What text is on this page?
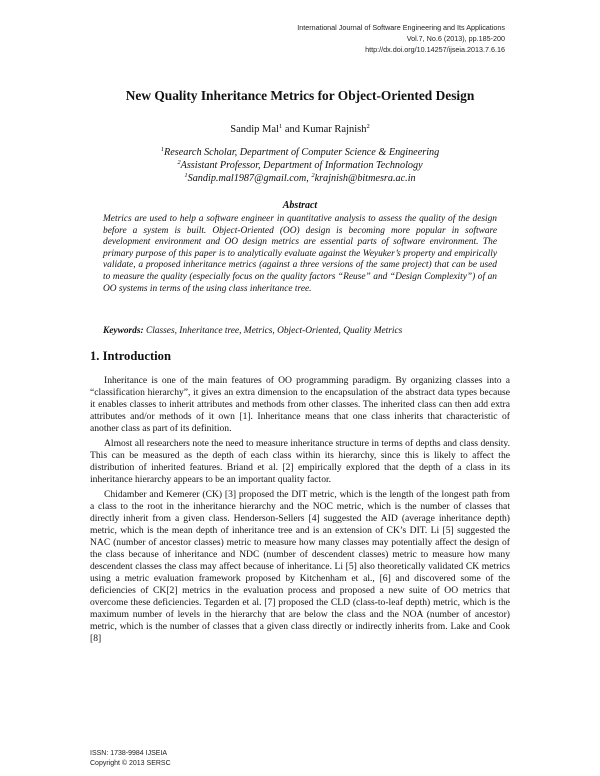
International Journal of Software Engineering and Its Applications
Vol.7, No.6 (2013), pp.185-200
http://dx.doi.org/10.14257/ijseia.2013.7.6.16
New Quality Inheritance Metrics for Object-Oriented Design
Sandip Mal$^1$ and Kumar Rajnish$^2$
$^1$Research Scholar, Department of Computer Science & Engineering
$^2$Assistant Professor, Department of Information Technology
$^1$Sandip.mal1987@gmail.com, $^2$krajnish@bitmesra.ac.in
Abstract
Metrics are used to help a software engineer in quantitative analysis to assess the quality of the design before a system is built. Object-Oriented (OO) design is becoming more popular in software development environment and OO design metrics are essential parts of software environment. The primary purpose of this paper is to analytically evaluate against the Weyuker’s property and empirically validate, a proposed inheritance metrics (against a three versions of the same project) that can be used to measure the quality (especially focus on the quality factors “Reuse” and “Design Complexity”) of an OO systems in terms of the using class inheritance tree.
Keywords: Classes, Inheritance tree, Metrics, Object-Oriented, Quality Metrics
1. Introduction

Inheritance is one of the main features of OO programming paradigm. By organizing classes into a “classification hierarchy”, it gives an extra dimension to the encapsulation of the abstract data types because it enables classes to inherit attributes and methods from other classes. The inherited class can then add extra attributes and/or methods of it own [1]. Inheritance means that one class inherits that characteristic of another class as part of its definition.

Almost all researchers note the need to measure inheritance structure in terms of depths and class density. This can be measured as the depth of each class within its hierarchy, since this is likely to affect the distribution of inherited features. Briand et al. [2] empirically explored that the depth of a class in its inheritance hierarchy appears to be an important quality factor.

Chidamber and Kemerer (CK) [3] proposed the DIT metric, which is the length of the longest path from a class to the root in the inheritance hierarchy and the NOC metric, which is the number of classes that directly inherit from a given class. Henderson-Sellers [4] suggested the AID (average inheritance depth) metric, which is the mean depth of inheritance tree and is an extension of CK’s DIT. Li [5] suggested the NAC (number of ancestor classes) metric to measure how many classes may potentially affect the design of the class because of inheritance and NDC (number of descendent classes) metric to measure how many descendent classes the class may affect because of inheritance. Li [5] also theoretically validated CK metrics using a metric evaluation framework proposed by Kitchenham et al., [6] and discovered some of the deficiencies of CK[2] metrics in the evaluation process and proposed a new suite of OO metrics that overcome these deficiencies. Tegarden et al. [7] proposed the CLD (class-to-leaf depth) metric, which is the maximum number of levels in the hierarchy that are below the class and the NOA (number of ancestor) metric, which is the number of classes that a given class directly or indirectly inherits from. Lake and Cook [8]

ISSN: 1738-9984 IJSEIA
Copyright © 2013 SERSC
